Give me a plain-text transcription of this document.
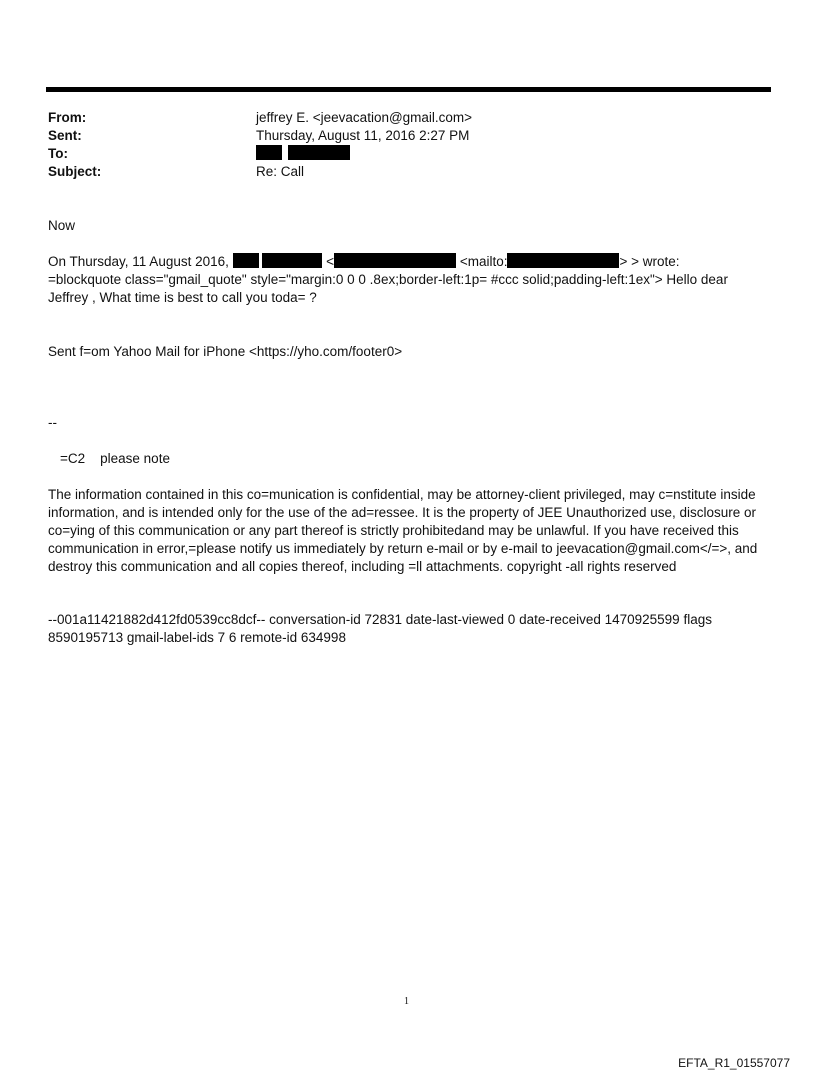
From:	jeffrey E. <jeevacation@gmail.com>
Sent:	Thursday, August 11, 2016 2:27 PM
To:

Subject:	Re: Call
Now
On Thursday, 11 August 2016,	<	<mailto:	> > wrote:
=blockquote class="gmail_quote" style="margin:0 0 0 .8ex;border-left:1p= #ccc solid;padding-left:1ex"> Hello dear
Jeffrey , What time is best to call you toda= ?
Sent f=om Yahoo Mail for iPhone <https://yho.com/footer0>
--
=C2    please note
The information contained in this co=munication is confidential, may be attorney-client privileged, may c=nstitute inside information, and is intended only for the use of the ad=ressee. It is the property of JEE Unauthorized use, disclosure or co=ying of this communication or any part thereof is strictly prohibitedand may be unlawful. If you have received this communication in error,=please notify us immediately by return e-mail or by e-mail to jeevacation@gmail.com</=>, and destroy this communication and all copies thereof, including =ll attachments. copyright -all rights reserved
--001a11421882d412fd0539cc8dcf-- conversation-id 72831 date-last-viewed 0 date-received 1470925599 flags 8590195713 gmail-label-ids 7 6 remote-id 634998
1
EFTA_R1_01557077
